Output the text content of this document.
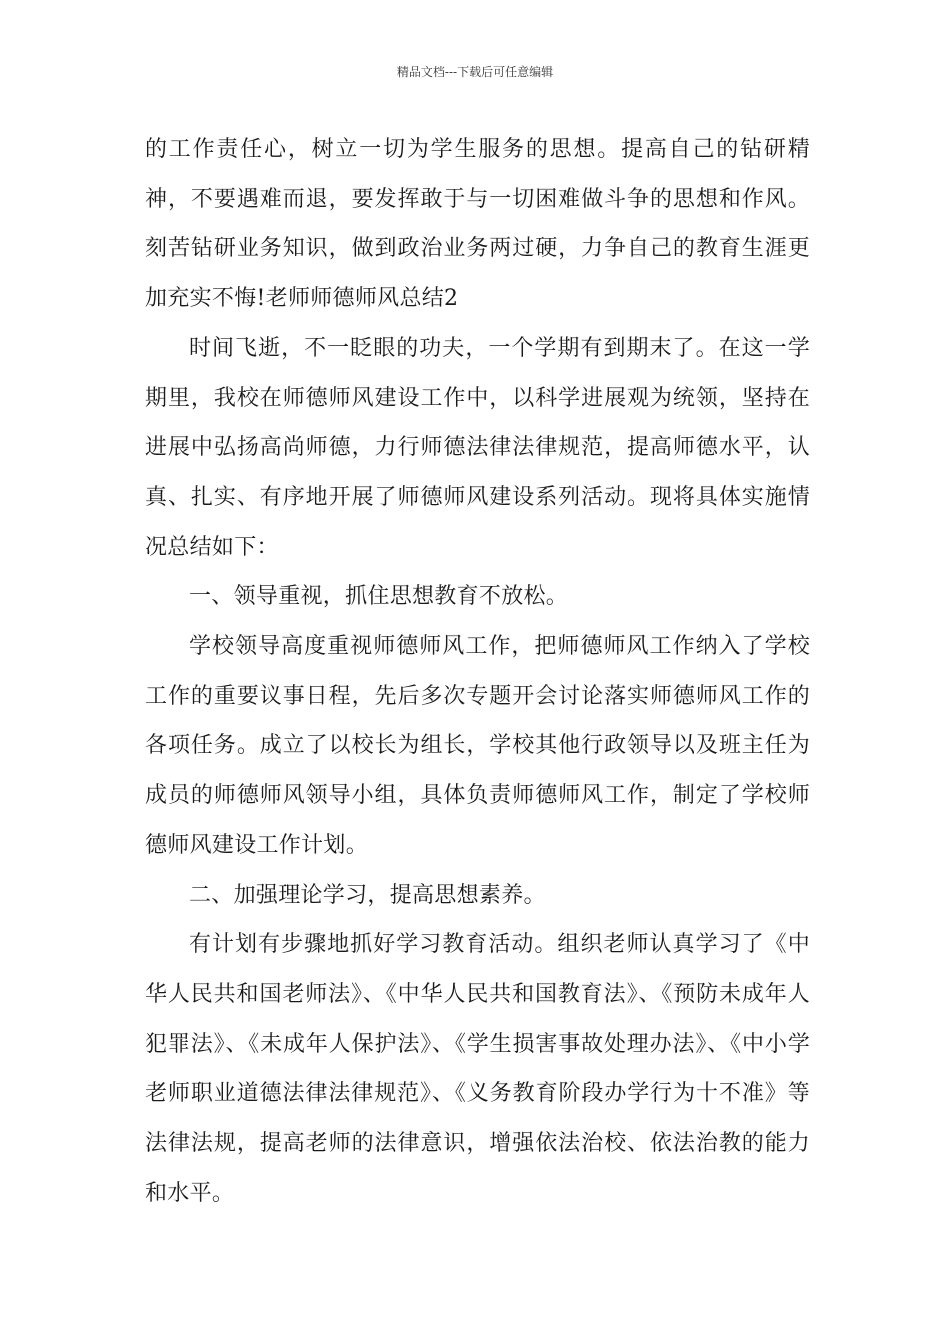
精品文档---下载后可任意编辑

的工作责任心，树立一切为学生服务的思想。提高自己的钻研精神，不要遇难而退，要发挥敢于与一切困难做斗争的思想和作风。刻苦钻研业务知识，做到政治业务两过硬，力争自己的教育生涯更加充实不悔!老师师德师风总结2

时间飞逝，不一眨眼的功夫，一个学期有到期末了。在这一学期里，我校在师德师风建设工作中，以科学进展观为统领，坚持在进展中弘扬高尚师德，力行师德法律法律规范，提高师德水平，认真、扎实、有序地开展了师德师风建设系列活动。现将具体实施情况总结如下：

一、领导重视，抓住思想教育不放松。

学校领导高度重视师德师风工作，把师德师风工作纳入了学校工作的重要议事日程，先后多次专题开会讨论落实师德师风工作的各项任务。成立了以校长为组长，学校其他行政领导以及班主任为成员的师德师风领导小组，具体负责师德师风工作，制定了学校师德师风建设工作计划。

二、加强理论学习，提高思想素养。

有计划有步骤地抓好学习教育活动。组织老师认真学习了《中华人民共和国老师法》、《中华人民共和国教育法》、《预防未成年人犯罪法》、《未成年人保护法》、《学生损害事故处理办法》、《中小学老师职业道德法律法律规范》、《义务教育阶段办学行为十不准》等法律法规，提高老师的法律意识，增强依法治校、依法治教的能力和水平。
